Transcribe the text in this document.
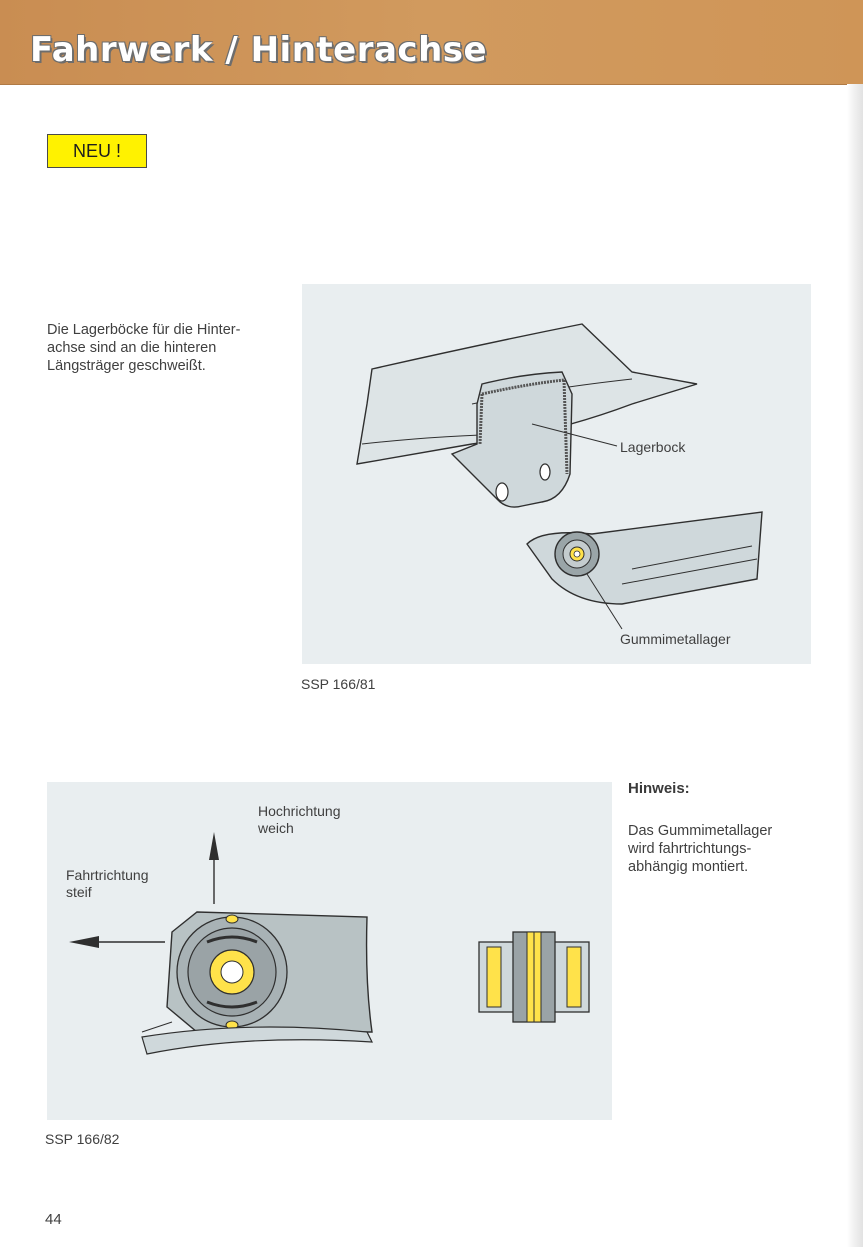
Fahrwerk / Hinterachse
NEU !

Die Lagerböcke für die Hinter-
achse sind an die hinteren
Längsträger geschweißt.

Lagerbock
Gummimetallager
SSP 166/81
Hochrichtung
weich
Fahrtrichtung
steif
SSP 166/82
Hinweis:

Das Gummimetallager
wird fahrtrichtungs-
abhängig montiert.

44
